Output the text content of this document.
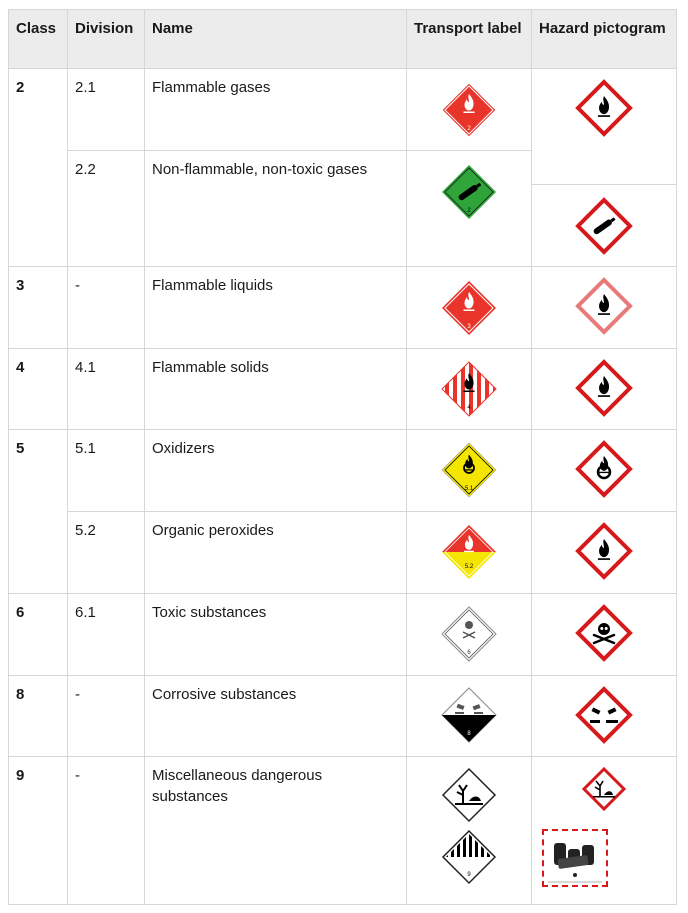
Class	Division	Name	Transport label	Hazard pictogram
2	2.1	Flammable gases	2

	2.2	Non-flammable, non-toxic gases	2

3	-	Flammable liquids	3

4	4.1	Flammable solids	4

5	5.1	Oxidizers	5.1

	5.2	Organic peroxides	5.2

6	6.1	Toxic substances	6

8	-	Corrosive substances	8

9	-	Miscellaneous dangerous substances	9
